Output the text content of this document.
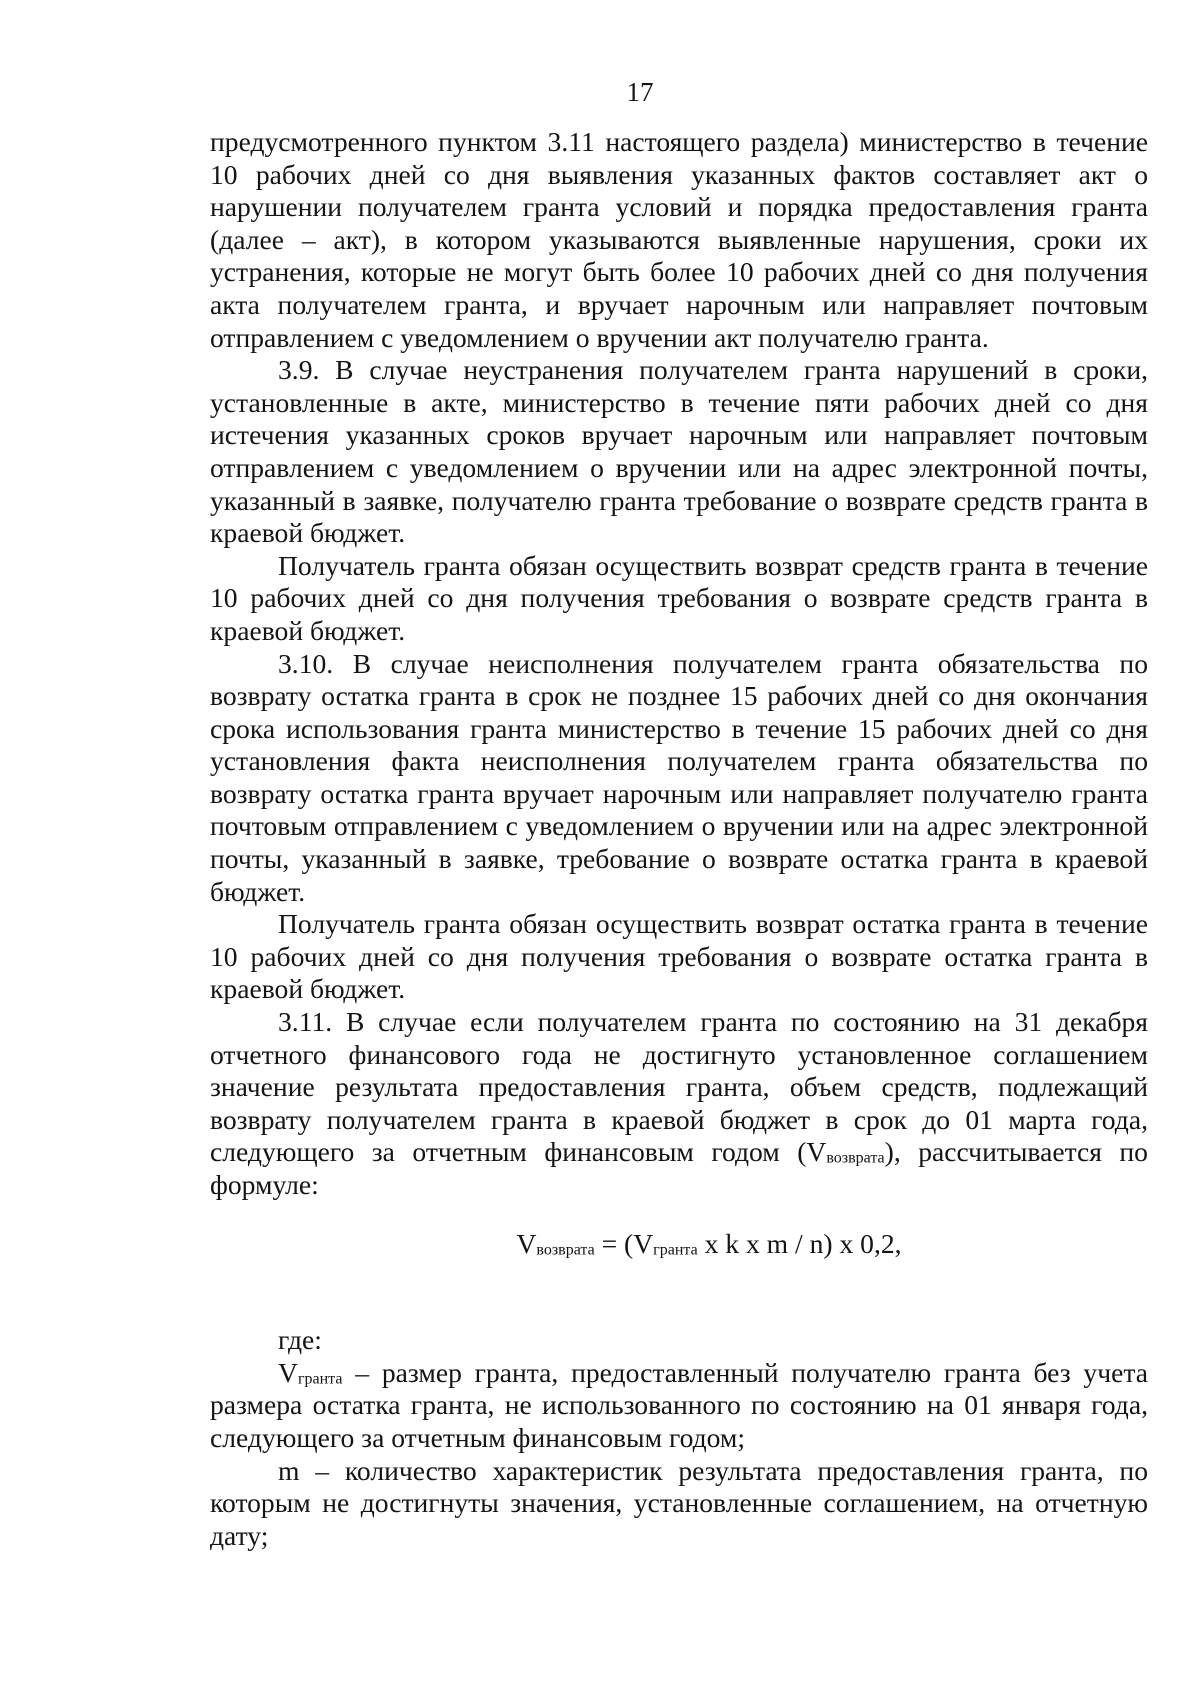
17

предусмотренного пунктом 3.11 настоящего раздела) министерство в течение 10 рабочих дней со дня выявления указанных фактов составляет акт о нарушении получателем гранта условий и порядка предоставления гранта (далее – акт), в котором указываются выявленные нарушения, сроки их устранения, которые не могут быть более 10 рабочих дней со дня получения акта получателем гранта, и вручает нарочным или направляет почтовым отправлением с уведомлением о вручении акт получателю гранта.

3.9. В случае неустранения получателем гранта нарушений в сроки, установленные в акте, министерство в течение пяти рабочих дней со дня истечения указанных сроков вручает нарочным или направляет почтовым отправлением с уведомлением о вручении или на адрес электронной почты, указанный в заявке, получателю гранта требование о возврате средств гранта в краевой бюджет.

Получатель гранта обязан осуществить возврат средств гранта в течение 10 рабочих дней со дня получения требования о возврате средств гранта в краевой бюджет.

3.10. В случае неисполнения получателем гранта обязательства по возврату остатка гранта в срок не позднее 15 рабочих дней со дня окончания срока использования гранта министерство в течение 15 рабочих дней со дня установления факта неисполнения получателем гранта обязательства по возврату остатка гранта вручает нарочным или направляет получателю гранта почтовым отправлением с уведомлением о вручении или на адрес электронной почты, указанный в заявке, требование о возврате остатка гранта в краевой бюджет.

Получатель гранта обязан осуществить возврат остатка гранта в течение 10 рабочих дней со дня получения требования о возврате остатка гранта в краевой бюджет.

3.11. В случае если получателем гранта по состоянию на 31 декабря отчетного финансового года не достигнуто установленное соглашением значение результата предоставления гранта, объем средств, подлежащий возврату получателем гранта в краевой бюджет в срок до 01 марта года, следующего за отчетным финансовым годом $(V_{возврата})$, рассчитывается по формуле:

$V_{возврата} = (V_{гранта}$ x k x m / n) x 0,2,

где:

$V_{гранта}$ – размер гранта, предоставленный получателю гранта без учета размера остатка гранта, не использованного по состоянию на 01 января года, следующего за отчетным финансовым годом;

m – количество характеристик результата предоставления гранта, по которым не достигнуты значения, установленные соглашением, на отчетную дату;
